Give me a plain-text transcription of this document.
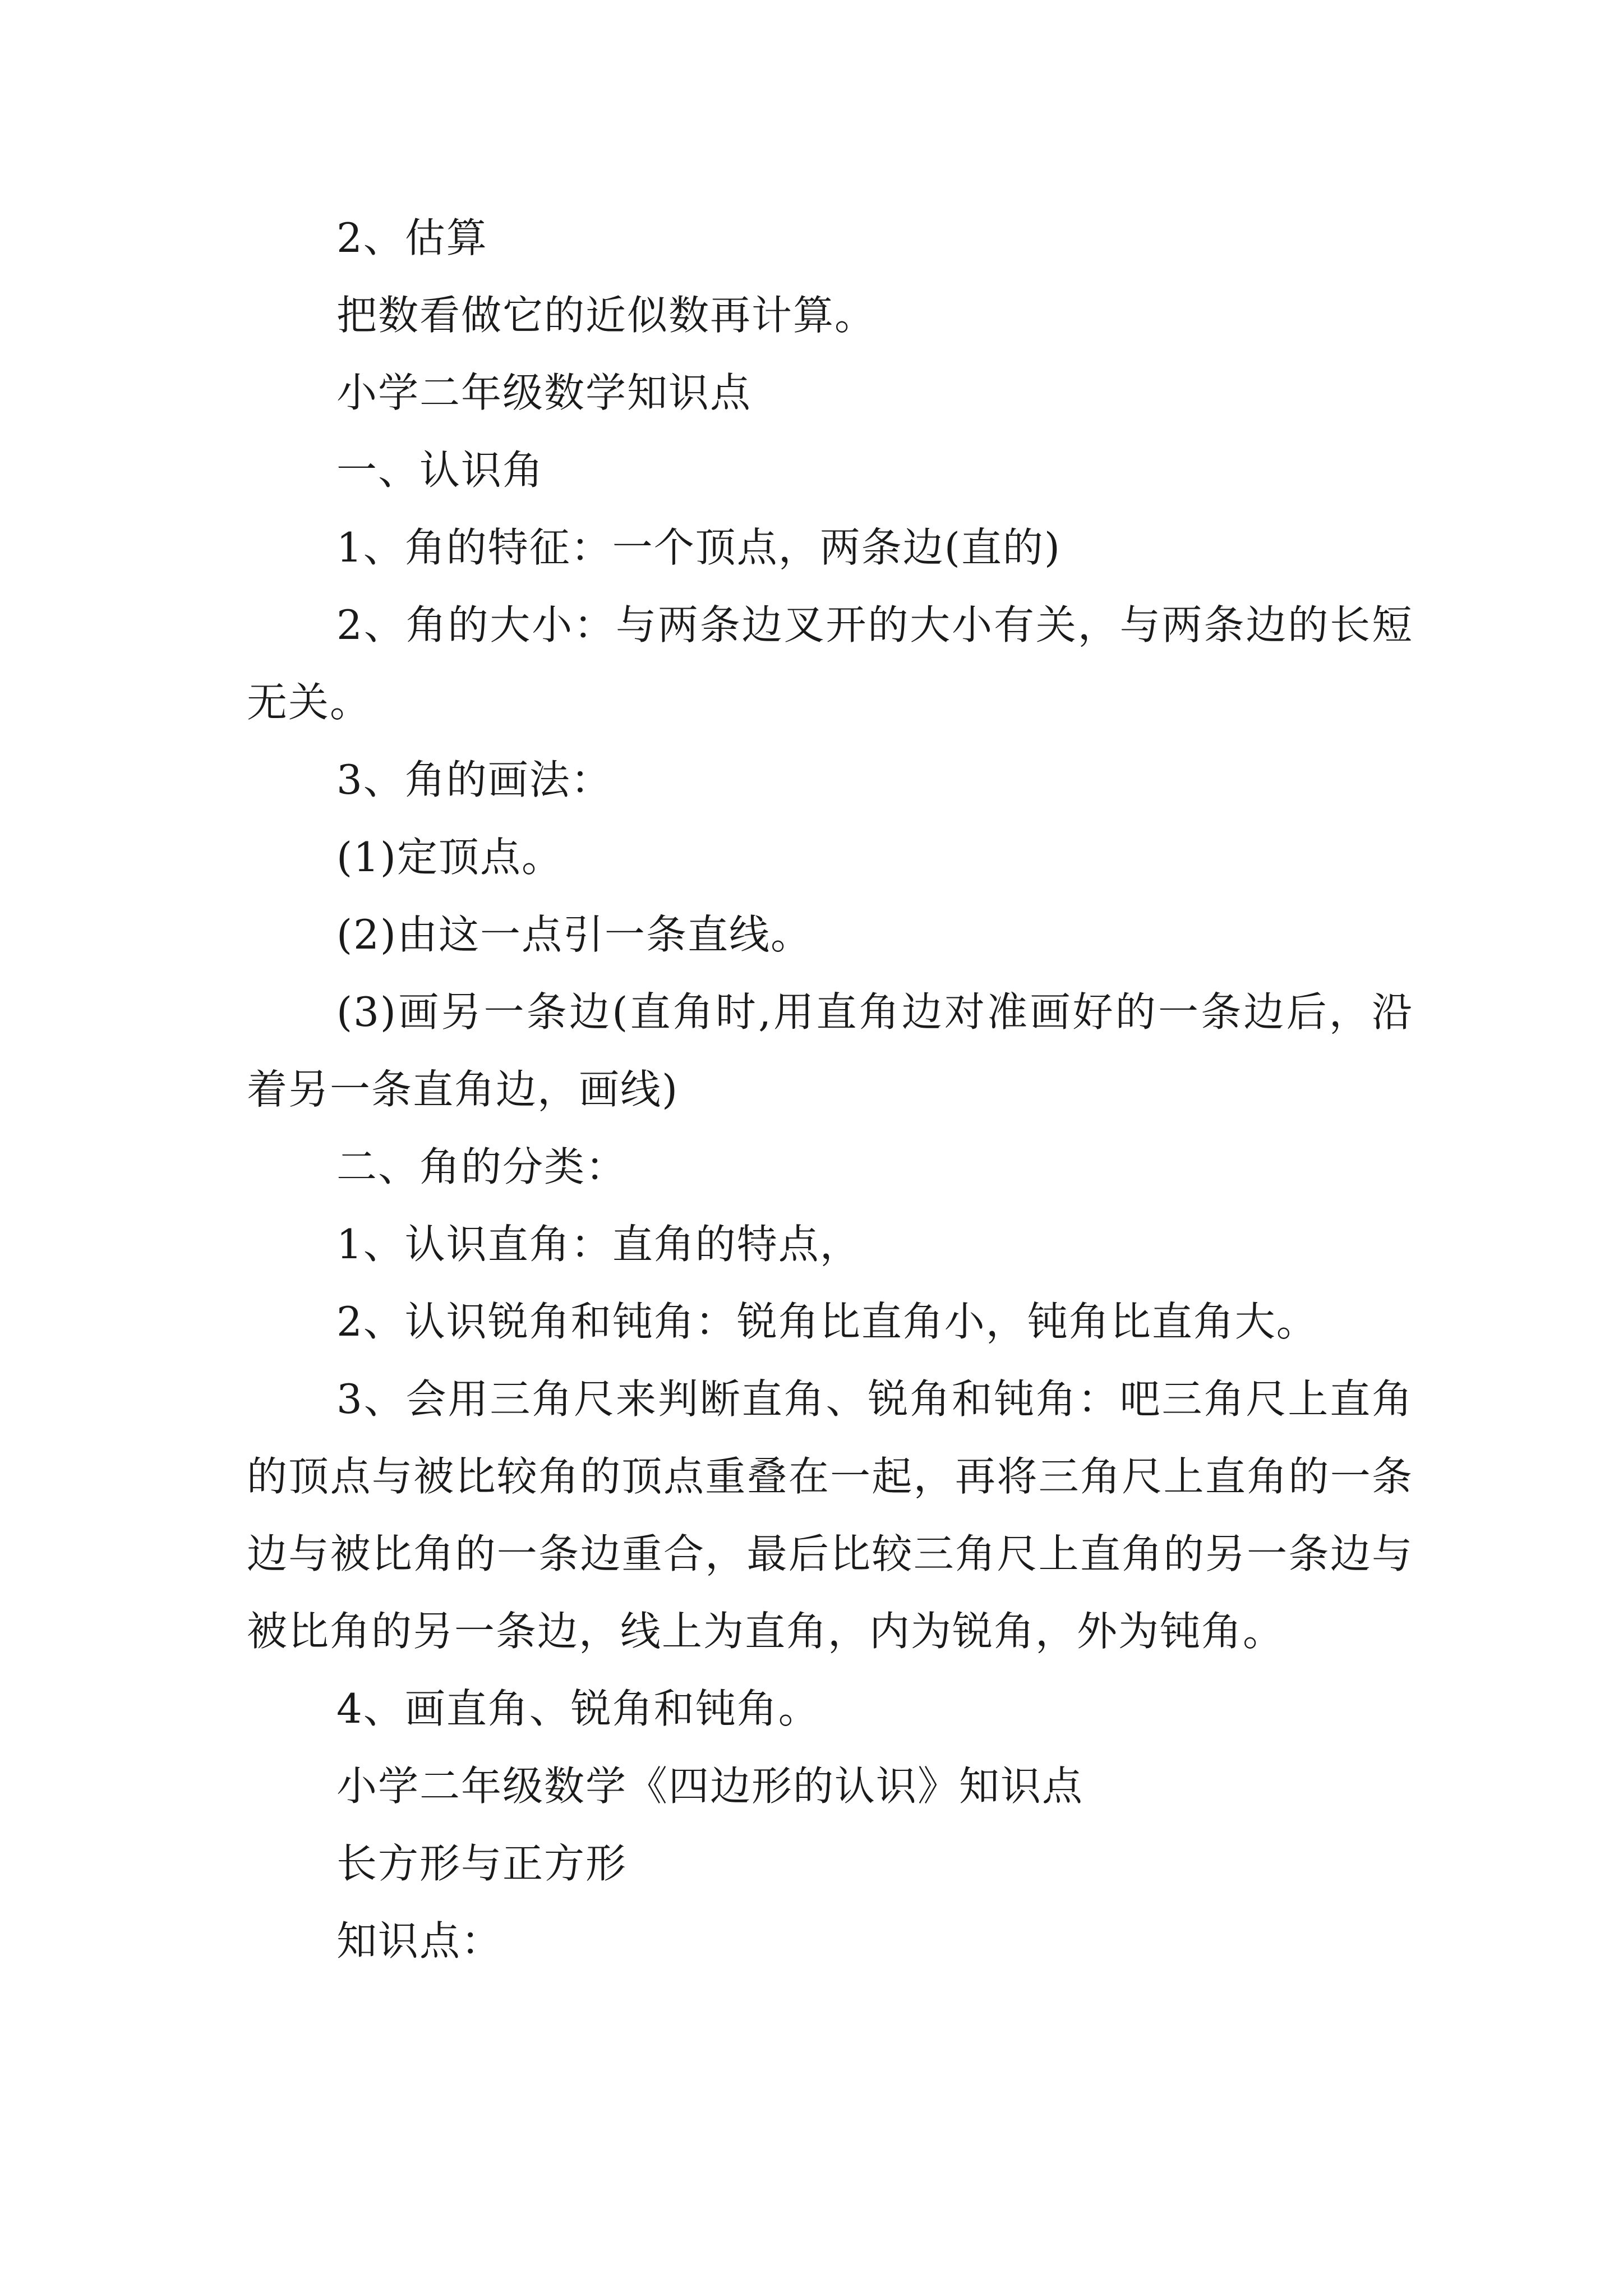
2、估算

把数看做它的近似数再计算。

小学二年级数学知识点

一、认识角

1、角的特征：一个顶点，两条边(直的)

2、角的大小：与两条边叉开的大小有关，与两条边的长短无关。

3、角的画法：

(1)定顶点。

(2)由这一点引一条直线。

(3)画另一条边(直角时,用直角边对准画好的一条边后，沿着另一条直角边，画线)

二、角的分类：

1、认识直角：直角的特点，

2、认识锐角和钝角：锐角比直角小，钝角比直角大。

3、会用三角尺来判断直角、锐角和钝角：吧三角尺上直角的顶点与被比较角的顶点重叠在一起，再将三角尺上直角的一条边与被比角的一条边重合，最后比较三角尺上直角的另一条边与被比角的另一条边，线上为直角，内为锐角，外为钝角。

4、画直角、锐角和钝角。

小学二年级数学《四边形的认识》知识点

长方形与正方形

知识点：
